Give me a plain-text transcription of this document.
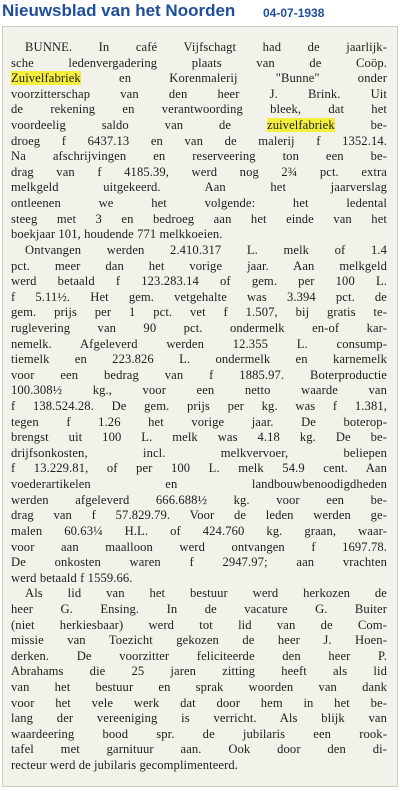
Nieuwsblad van het Noorden 04-07-1938
BUNNE. In café Vijfschagt had de jaarlijk-
sche ledenvergadering plaats van de Coöp.
Zuivelfabriek en Korenmalerij "Bunne" onder
voorzitterschap van den heer J. Brink. Uit
de rekening en verantwoording bleek, dat het
voordeelig saldo van de zuivelfabriek be-
droeg f 6437.13 en van de malerij f 1352.14.
Na afschrijvingen en reserveering ton een be-
drag van f 4185.39, werd nog 2¾ pct. extra
melkgeld uitgekeerd. Aan het jaarverslag
ontleenen we het volgende: het ledental
steeg met 3 en bedroeg aan het einde van het
boekjaar 101, houdende 771 melkkoeien.
Ontvangen werden 2.410.317 L. melk of 1.4
pct. meer dan het vorige jaar. Aan melkgeld
werd betaald f 123.283.14 of gem. per 100 L.
f 5.11½. Het gem. vetgehalte was 3.394 pct. de
gem. prijs per 1 pct. vet f 1.507, bij gratis te-
ruglevering van 90 pct. ondermelk en-of kar-
nemelk. Afgeleverd werden 12.355 L. consump-
tiemelk en 223.826 L. ondermelk en karnemelk
voor een bedrag van f 1885.97. Boterproductie
100.308½ kg., voor een netto waarde van
f 138.524.28. De gem. prijs per kg. was f 1.381,
tegen f 1.26 het vorige jaar. De boterop-
brengst uit 100 L. melk was 4.18 kg. De be-
drijfsonkosten, incl. melkvervoer, beliepen
f 13.229.81, of per 100 L. melk 54.9 cent. Aan
voederartikelen en landbouwbenoodigdheden
werden afgeleverd 666.688½ kg. voor een be-
drag van f 57.829.79. Voor de leden werden ge-
malen 60.63¼ H.L. of 424.760 kg. graan, waar-
voor aan maalloon werd ontvangen f 1697.78.
De onkosten waren f 2947.97; aan vrachten
werd betaald f 1559.66.
Als lid van het bestuur werd herkozen de
heer G. Ensing. In de vacature G. Buiter
(niet herkiesbaar) werd tot lid van de Com-
missie van Toezicht gekozen de heer J. Hoen-
derken. De voorzitter feliciteerde den heer P.
Abrahams die 25 jaren zitting heeft als lid
van het bestuur en sprak woorden van dank
voor het vele werk dat door hem in het be-
lang der vereeniging is verricht. Als blijk van
waardeering bood spr. de jubilaris een rook-
tafel met garnituur aan. Ook door den di-
recteur werd de jubilaris gecomplimenteerd.
